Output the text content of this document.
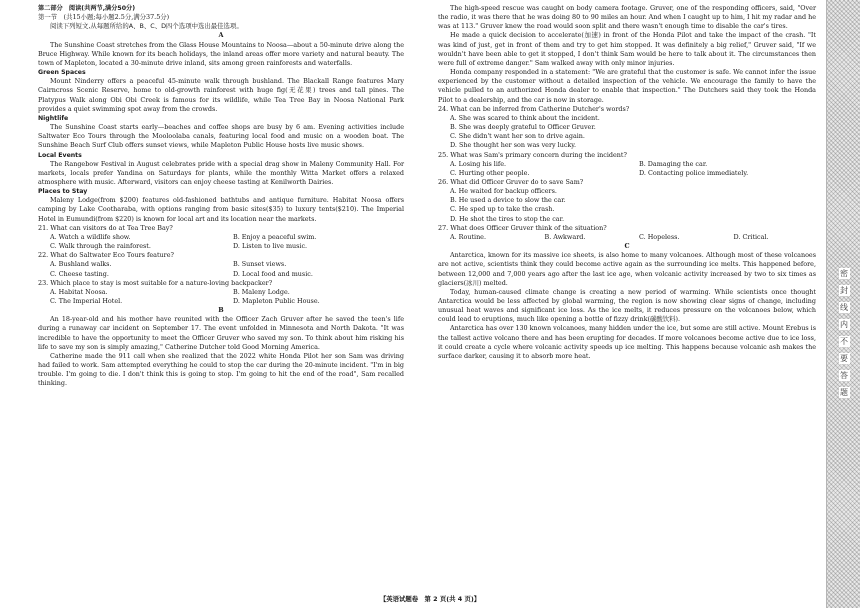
第二部分　阅读(共两节,满分50分)

第一节　(共15小题;每小题2.5分,满分37.5分)

阅读下列短文,从每题所给的A、B、C、D四个选项中选出最佳选项。

A

The Sunshine Coast stretches from the Glass House Mountains to Noosa—about a 50-minute drive along the Bruce Highway. While known for its beach holidays, the inland areas offer more variety and natural beauty. The town of Mapleton, located a 30-minute drive inland, sits among green rainforests and waterfalls.

Green Spaces

Mount Ninderry offers a peaceful 45-minute walk through bushland. The Blackall Range features Mary Cairncross Scenic Reserve, home to old-growth rainforest with huge fig(无花果) trees and tall pines. The Platypus Walk along Obi Obi Creek is famous for its wildlife, while Tea Tree Bay in Noosa National Park provides a quiet swimming spot away from the crowds.

Nightlife

The Sunshine Coast starts early—beaches and coffee shops are busy by 6 am. Evening activities include Saltwater Eco Tours through the Mooloolaba canals, featuring local food and music on a wooden boat. The Sunshine Beach Surf Club offers sunset views, while Mapleton Public House hosts live music shows.

Local Events

The Rangebow Festival in August celebrates pride with a special drag show in Maleny Community Hall. For markets, locals prefer Yandina on Saturdays for plants, while the monthly Witta Market offers a relaxed atmosphere with music. Afterward, visitors can enjoy cheese tasting at Kenilworth Dairies.

Places to Stay

Maleny Lodge(from $200) features old-fashioned bathtubs and antique furniture. Habitat Noosa offers camping by Lake Cootharaba, with options ranging from basic sites($35) to luxury tents($210). The Imperial Hotel in Eumundi(from $220) is known for local art and its location near the markets.

21. What can visitors do at Tea Tree Bay?

A. Watch a wildlife show.	B. Enjoy a peaceful swim.
C. Walk through the rainforest.	D. Listen to live music.

22. What do Saltwater Eco Tours feature?

A. Bushland walks.	B. Sunset views.
C. Cheese tasting.	D. Local food and music.

23. Which place to stay is most suitable for a nature-loving backpacker?

A. Habitat Noosa.	B. Maleny Lodge.
C. The Imperial Hotel.	D. Mapleton Public House.

B

An 18-year-old and his mother have reunited with the Officer Zach Gruver after he saved the teen's life during a runaway car incident on September 17. The event unfolded in Minnesota and North Dakota. "It was incredible to have the opportunity to meet the Officer Gruver who saved my son. To think about him risking his life to save my son is simply amazing," Catherine Dutcher told Good Morning America.

Catherine made the 911 call when she realized that the 2022 white Honda Pilot her son Sam was driving had failed to work. Sam attempted everything he could to stop the car during the 20-minute incident. "I'm in big trouble. I'm going to die. I don't think this is going to stop. I'm going to hit the end of the road", Sam recalled thinking.

The high-speed rescue was caught on body camera footage. Gruver, one of the responding officers, said, "Over the radio, it was there that he was doing 80 to 90 miles an hour. And when I caught up to him, I hit my radar and he was at 113." Gruver knew the road would soon split and there wasn't enough time to disable the car's tires.

He made a quick decision to accelerate(加速) in front of the Honda Pilot and take the impact of the crash. "It was kind of just, get in front of them and try to get him stopped. It was definitely a big relief," Gruver said, "If we wouldn't have been able to get it stopped, I don't think Sam would be here to talk about it. The circumstances then were full of extreme danger." Sam walked away with only minor injuries.

Honda company responded in a statement: "We are grateful that the customer is safe. We cannot infer the issue experienced by the customer without a detailed inspection of the vehicle. We encourage the family to have the vehicle pulled to an authorized Honda dealer to enable that inspection." The Dutchers said they took the Honda Pilot to a dealership, and the car is now in storage.

24. What can be inferred from Catherine Dutcher's words?

A. She was scared to think about the incident.
B. She was deeply grateful to Officer Gruver.
C. She didn't want her son to drive again.
D. She thought her son was very lucky.

25. What was Sam's primary concern during the incident?

A. Losing his life.	B. Damaging the car.
C. Hurting other people.	D. Contacting police immediately.

26. What did Officer Gruver do to save Sam?

A. He waited for backup officers.
B. He used a device to slow the car.
C. He sped up to take the crash.
D. He shot the tires to stop the car.

27. What does Officer Gruver think of the situation?

A. Routine.	B. Awkward.	C. Hopeless.	D. Critical.

C

Antarctica, known for its massive ice sheets, is also home to many volcanoes. Although most of these volcanoes are not active, scientists think they could become active again as the surrounding ice melts. This happened before, between 12,000 and 7,000 years ago after the last ice age, when volcanic activity increased by two to six times as glaciers(冰川) melted.

Today, human-caused climate change is creating a new period of warming. While scientists once thought Antarctica would be less affected by global warming, the region is now showing clear signs of change, including unusual heat waves and significant ice loss. As the ice melts, it reduces pressure on the volcanoes below, which could lead to eruptions, much like opening a bottle of fizzy drink(碳酸饮料).

Antarctica has over 130 known volcanoes, many hidden under the ice, but some are still active. Mount Erebus is the tallest active volcano there and has been erupting for decades. If more volcanoes become active due to ice loss, it could create a cycle where volcanic activity speeds up ice melting. This happens because volcanic ash makes the surface darker, causing it to absorb more heat.

【英语试题卷　第 2 页(共 4 页)】
密
封
线
内
不
要
答
题
